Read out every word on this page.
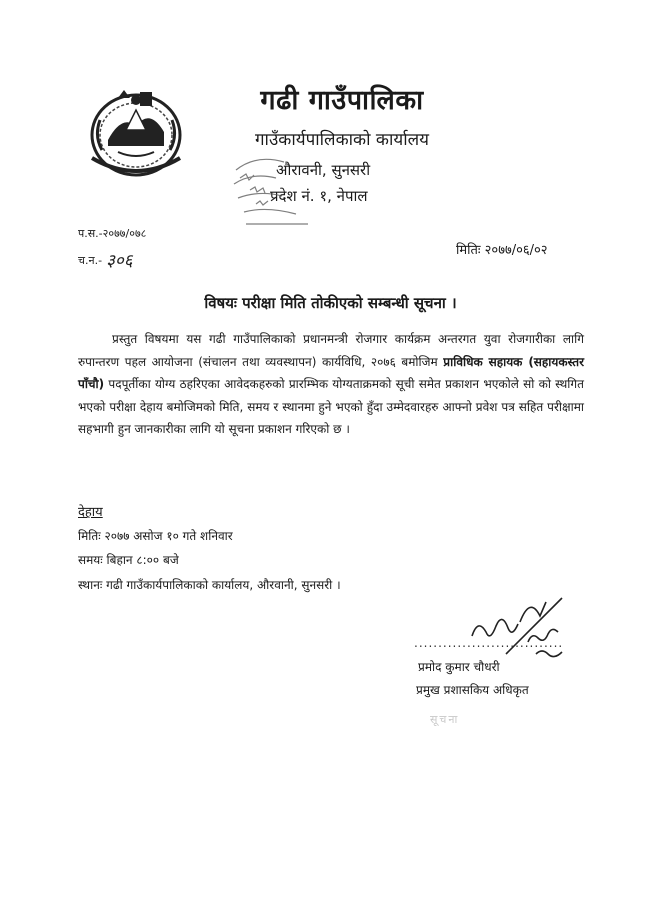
गढी गाउँपालिका
गाउँकार्यपालिकाको कार्यालय
औरावनी, सुनसरी
प्रदेश नं. १, नेपाल
प.स.-२०७७/०७८
च.न.- ३०६
मितिः २०७७/०६/०२
विषयः परीक्षा मिति तोकीएको सम्बन्धी सूचना ।
प्रस्तुत विषयमा यस गढी गाउँपालिकाको प्रधानमन्त्री रोजगार कार्यक्रम अन्तरगत युवा रोजगारीका लागि रुपान्तरण पहल आयोजना (संचालन तथा व्यवस्थापन) कार्यविधि, २०७६ बमोजिम प्राविधिक सहायक (सहायकस्तर पाँचौ) पदपूर्तीका योग्य ठहरिएका आवेदकहरुको प्रारम्भिक योग्यताक्रमको सूची समेत प्रकाशन भएकोले सो को स्थगित भएको परीक्षा देहाय बमोजिमको मिति, समय र स्थानमा हुने भएको हुँदा उम्मेदवारहरु आफ्नो प्रवेश पत्र सहित परीक्षामा सहभागी हुन जानकारीका लागि यो सूचना प्रकाशन गरिएको छ ।
देहाय
मितिः २०७७ असोज १० गते शनिवार
समयः बिहान ८:०० बजे
स्थानः गढी गाउँकार्यपालिकाको कार्यालय, औरवानी, सुनसरी ।
...............................
प्रमोद कुमार चौधरी
प्रमुख प्रशासकिय अधिकृत
सूचना
